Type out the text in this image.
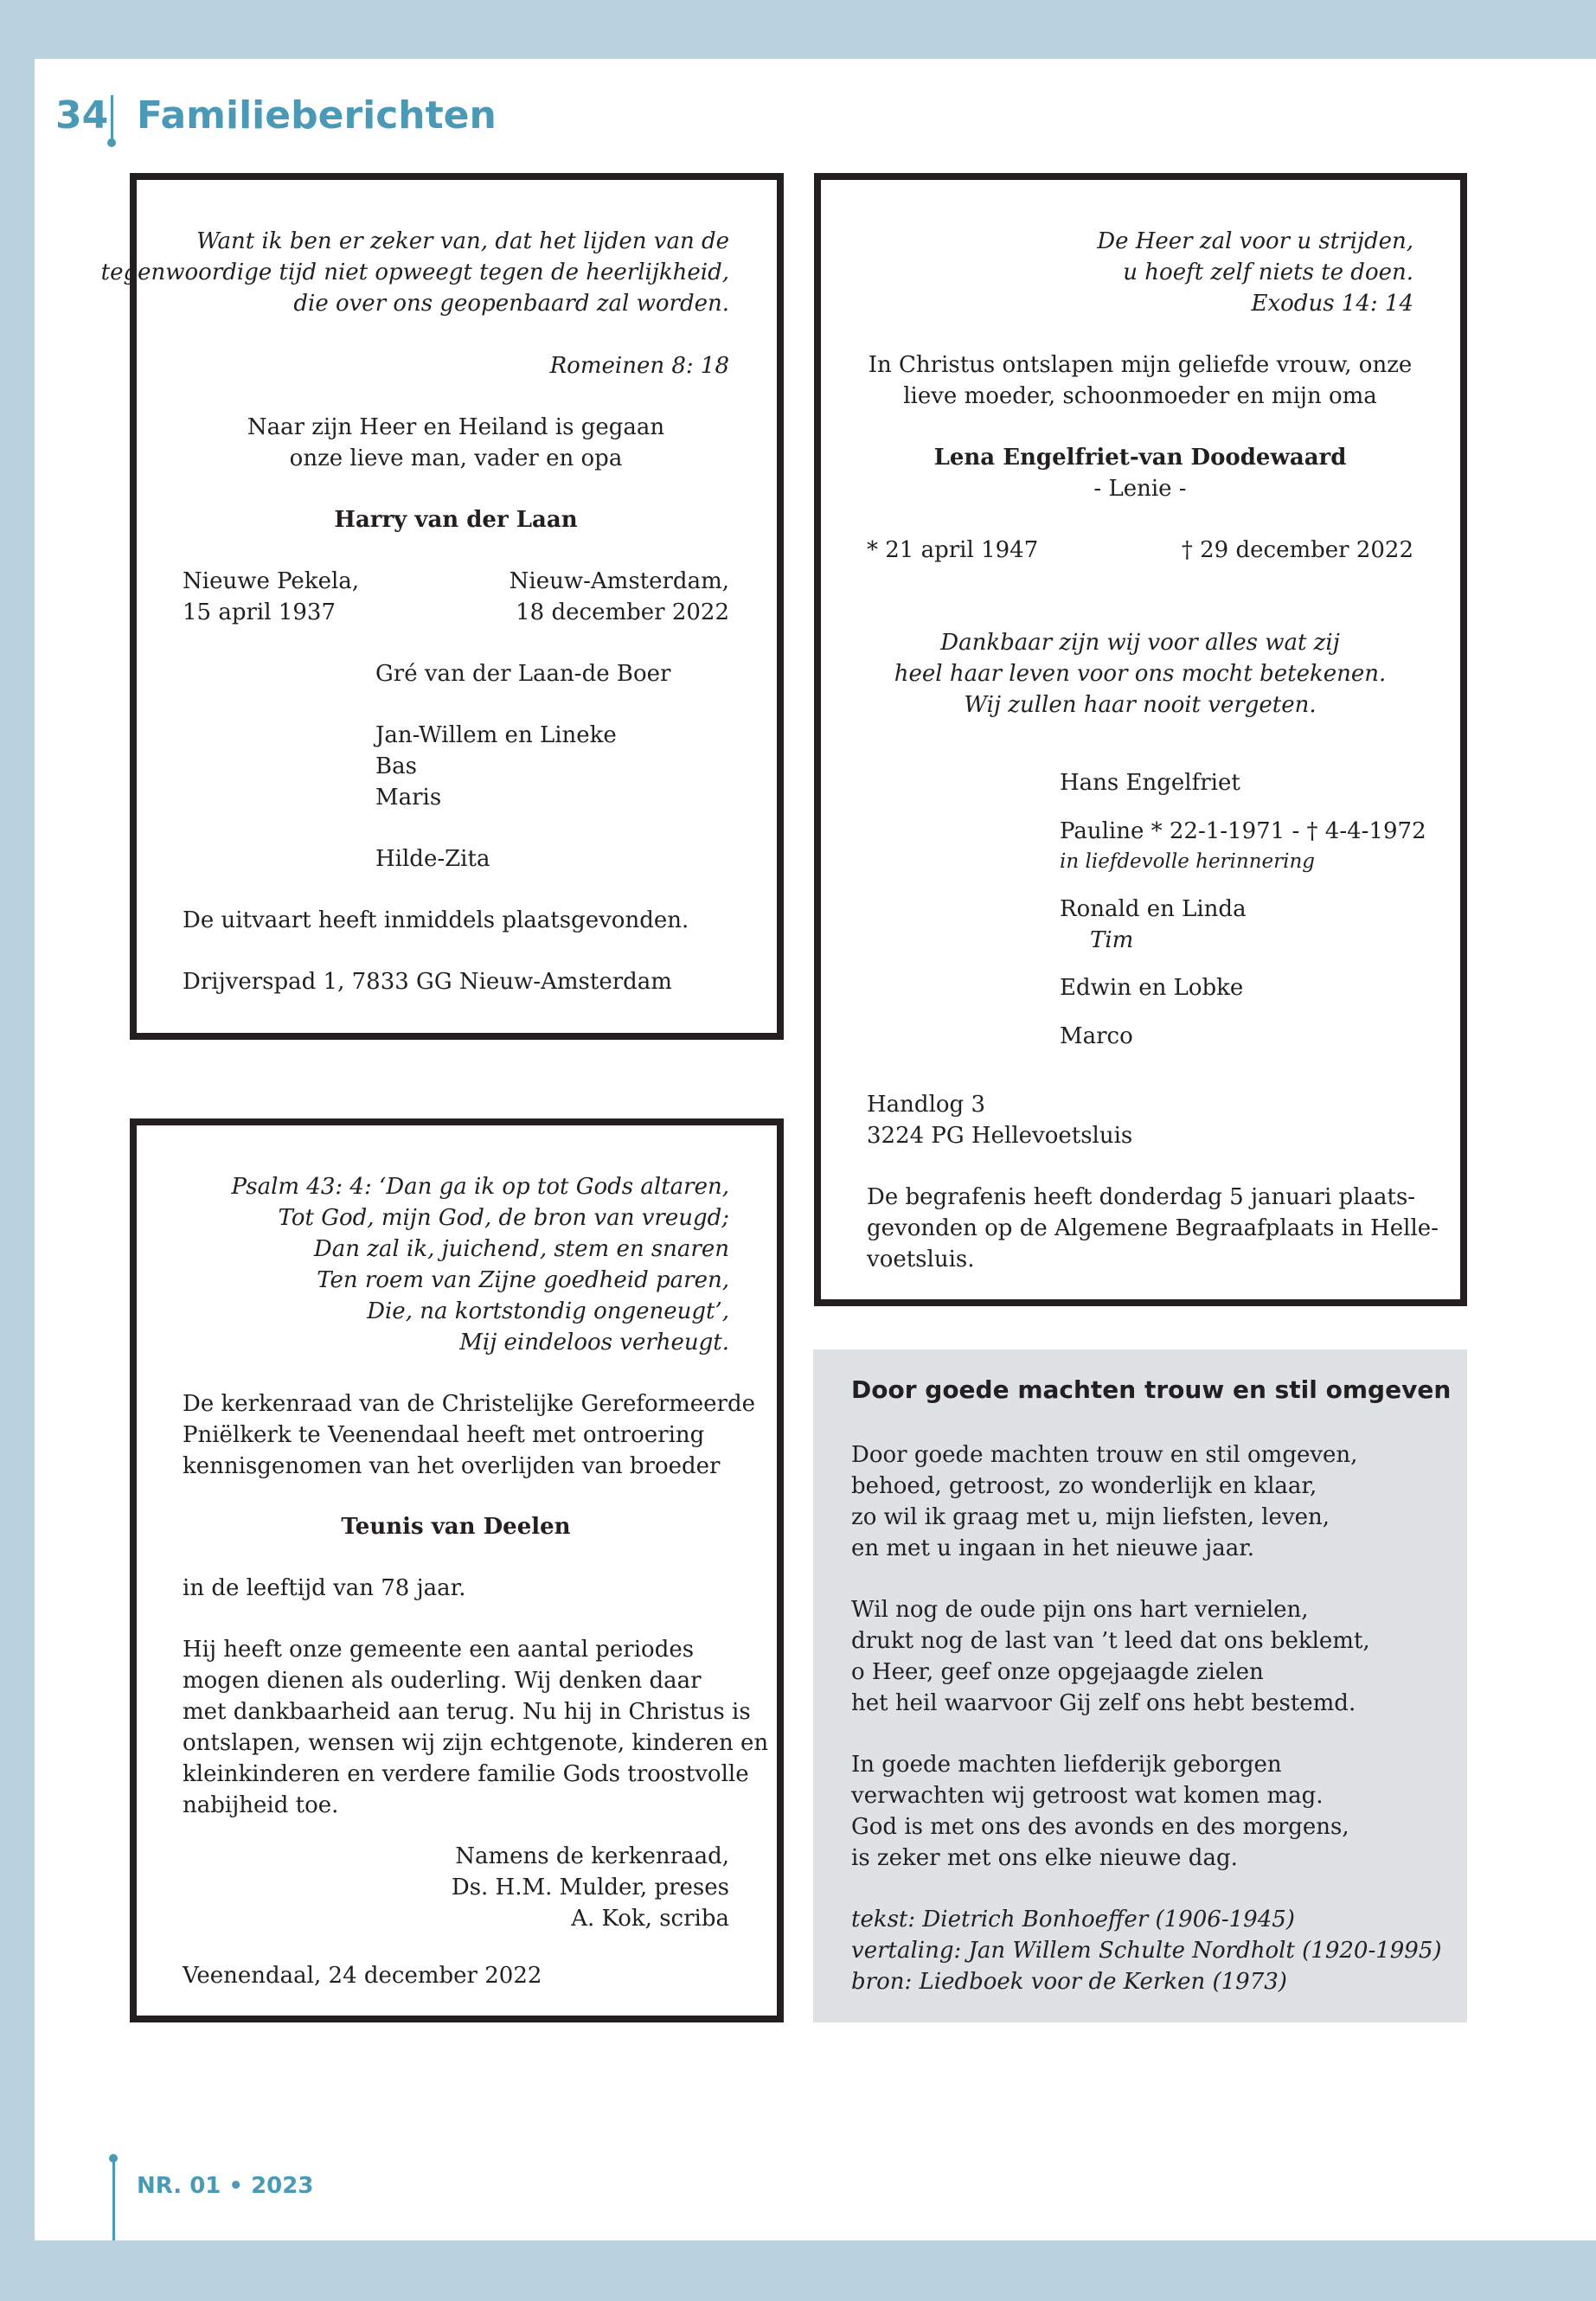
34 Familieberichten
Want ik ben er zeker van, dat het lijden van de
tegenwoordige tijd niet opweegt tegen de heerlijkheid,
die over ons geopenbaard zal worden.
Romeinen 8: 18
Naar zijn Heer en Heiland is gegaan
onze lieve man, vader en opa
Harry van der Laan
Nieuwe Pekela,
15 april 1937
Nieuw-Amsterdam,
18 december 2022
Gré van der Laan-de Boer
Jan-Willem en Lineke
Bas
Maris
Hilde-Zita
De uitvaart heeft inmiddels plaatsgevonden.
Drijverspad 1, 7833 GG Nieuw-Amsterdam
De Heer zal voor u strijden,
u hoeft zelf niets te doen.
Exodus 14: 14
In Christus ontslapen mijn geliefde vrouw, onze
lieve moeder, schoonmoeder en mijn oma
Lena Engelfriet-van Doodewaard
- Lenie -
* 21 april 1947	† 29 december 2022
Dankbaar zijn wij voor alles wat zij
heel haar leven voor ons mocht betekenen.
Wij zullen haar nooit vergeten.
Hans Engelfriet
Pauline * 22-1-1971 - † 4-4-1972
in liefdevolle herinnering
Ronald en Linda
Tim
Edwin en Lobke
Marco
Handlog 3
3224 PG Hellevoetsluis
De begrafenis heeft donderdag 5 januari plaats-
gevonden op de Algemene Begraafplaats in Helle-
voetsluis.
Psalm 43: 4: ‘Dan ga ik op tot Gods altaren,
Tot God, mijn God, de bron van vreugd;
Dan zal ik, juichend, stem en snaren
Ten roem van Zijne goedheid paren,
Die, na kortstondig ongeneugt’,
Mij eindeloos verheugt.
De kerkenraad van de Christelijke Gereformeerde
Pniëlkerk te Veenendaal heeft met ontroering
kennisgenomen van het overlijden van broeder
Teunis van Deelen
in de leeftijd van 78 jaar.
Hij heeft onze gemeente een aantal periodes
mogen dienen als ouderling. Wij denken daar
met dankbaarheid aan terug. Nu hij in Christus is
ontslapen, wensen wij zijn echtgenote, kinderen en
kleinkinderen en verdere familie Gods troostvolle
nabijheid toe.
Namens de kerkenraad,
Ds. H.M. Mulder, preses
A. Kok, scriba
Veenendaal, 24 december 2022
Door goede machten trouw en stil omgeven
Door goede machten trouw en stil omgeven,
behoed, getroost, zo wonderlijk en klaar,
zo wil ik graag met u, mijn liefsten, leven,
en met u ingaan in het nieuwe jaar.
Wil nog de oude pijn ons hart vernielen,
drukt nog de last van ’t leed dat ons beklemt,
o Heer, geef onze opgejaagde zielen
het heil waarvoor Gij zelf ons hebt bestemd.
In goede machten liefderijk geborgen
verwachten wij getroost wat komen mag.
God is met ons des avonds en des morgens,
is zeker met ons elke nieuwe dag.
tekst: Dietrich Bonhoeffer (1906-1945)
vertaling: Jan Willem Schulte Nordholt (1920-1995)
bron: Liedboek voor de Kerken (1973)
NR. 01 • 2023
